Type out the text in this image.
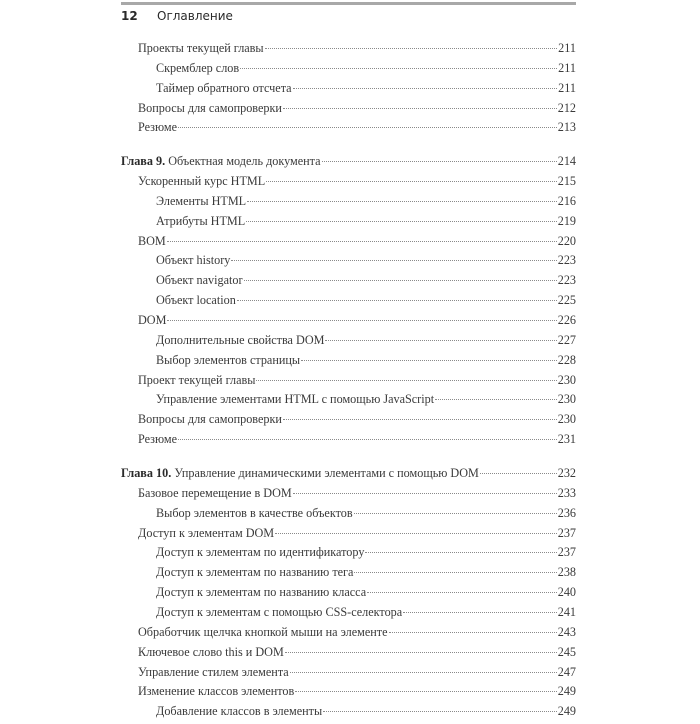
12	Оглавление
Проекты текущей главы	211
Скремблер слов	211
Таймер обратного отсчета	211
Вопросы для самопроверки	212
Резюме	213
Глава 9. Объектная модель документа	214
Ускоренный курс HTML	215
Элементы HTML	216
Атрибуты HTML	219
BOM	220
Объект history	223
Объект navigator	223
Объект location	225
DOM	226
Дополнительные свойства DOM	227
Выбор элементов страницы	228
Проект текущей главы	230
Управление элементами HTML с помощью JavaScript	230
Вопросы для самопроверки	230
Резюме	231
Глава 10. Управление динамическими элементами с помощью DOM	232
Базовое перемещение в DOM	233
Выбор элементов в качестве объектов	236
Доступ к элементам DOM	237
Доступ к элементам по идентификатору	237
Доступ к элементам по названию тега	238
Доступ к элементам по названию класса	240
Доступ к элементам с помощью CSS-селектора	241
Обработчик щелчка кнопкой мыши на элементе	243
Ключевое слово this и DOM	245
Управление стилем элемента	247
Изменение классов элементов	249
Добавление классов в элементы	249
